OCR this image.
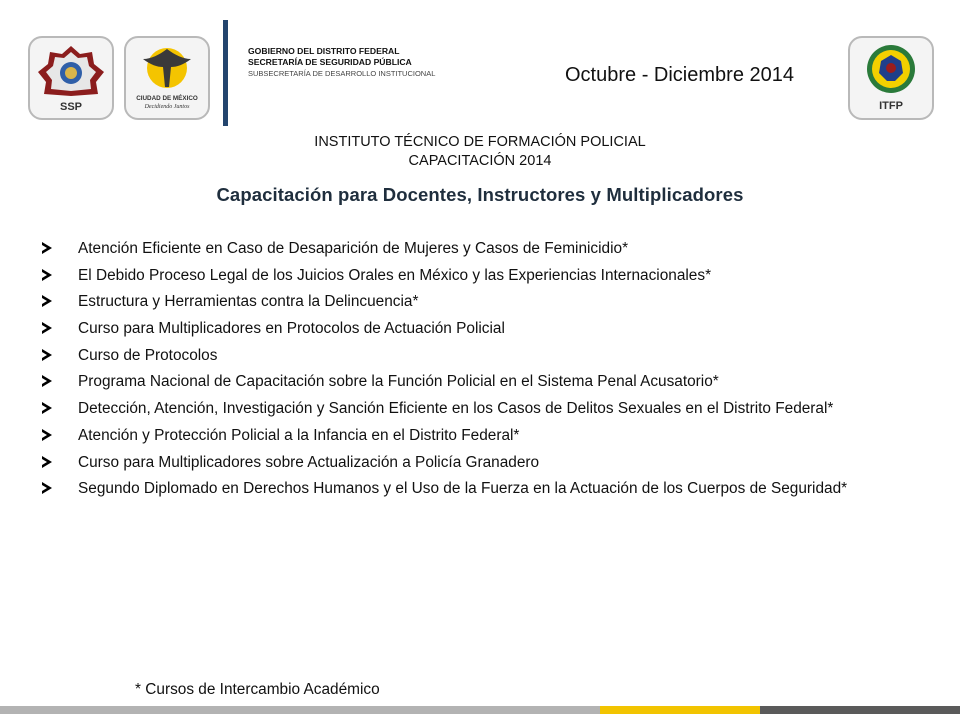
SSP
CIUDAD DE MÉXICO
Decidiendo Juntos
GOBIERNO DEL DISTRITO FEDERAL
SECRETARÍA DE SEGURIDAD PÚBLICA
SUBSECRETARÍA DE DESARROLLO INSTITUCIONAL	Octubre - Diciembre 2014
ITFP
INSTITUTO TÉCNICO DE FORMACIÓN POLICIAL
CAPACITACIÓN 2014
Capacitación para Docentes, Instructores y Multiplicadores
Atención Eficiente en Caso de Desaparición de Mujeres y Casos de Feminicidio*
El Debido Proceso Legal de los Juicios Orales en México y las Experiencias Internacionales*
Estructura y Herramientas contra la Delincuencia*
Curso para Multiplicadores en Protocolos de Actuación Policial
Curso de Protocolos
Programa Nacional de Capacitación sobre la Función Policial en el Sistema Penal Acusatorio*
Detección, Atención, Investigación y Sanción Eficiente en los Casos de Delitos Sexuales en el Distrito Federal*
Atención y Protección Policial a la Infancia en el Distrito Federal*
Curso para Multiplicadores sobre Actualización a Policía Granadero
Segundo Diplomado en Derechos Humanos y el Uso de la Fuerza en la Actuación de los Cuerpos de Seguridad*
* Cursos de Intercambio Académico
